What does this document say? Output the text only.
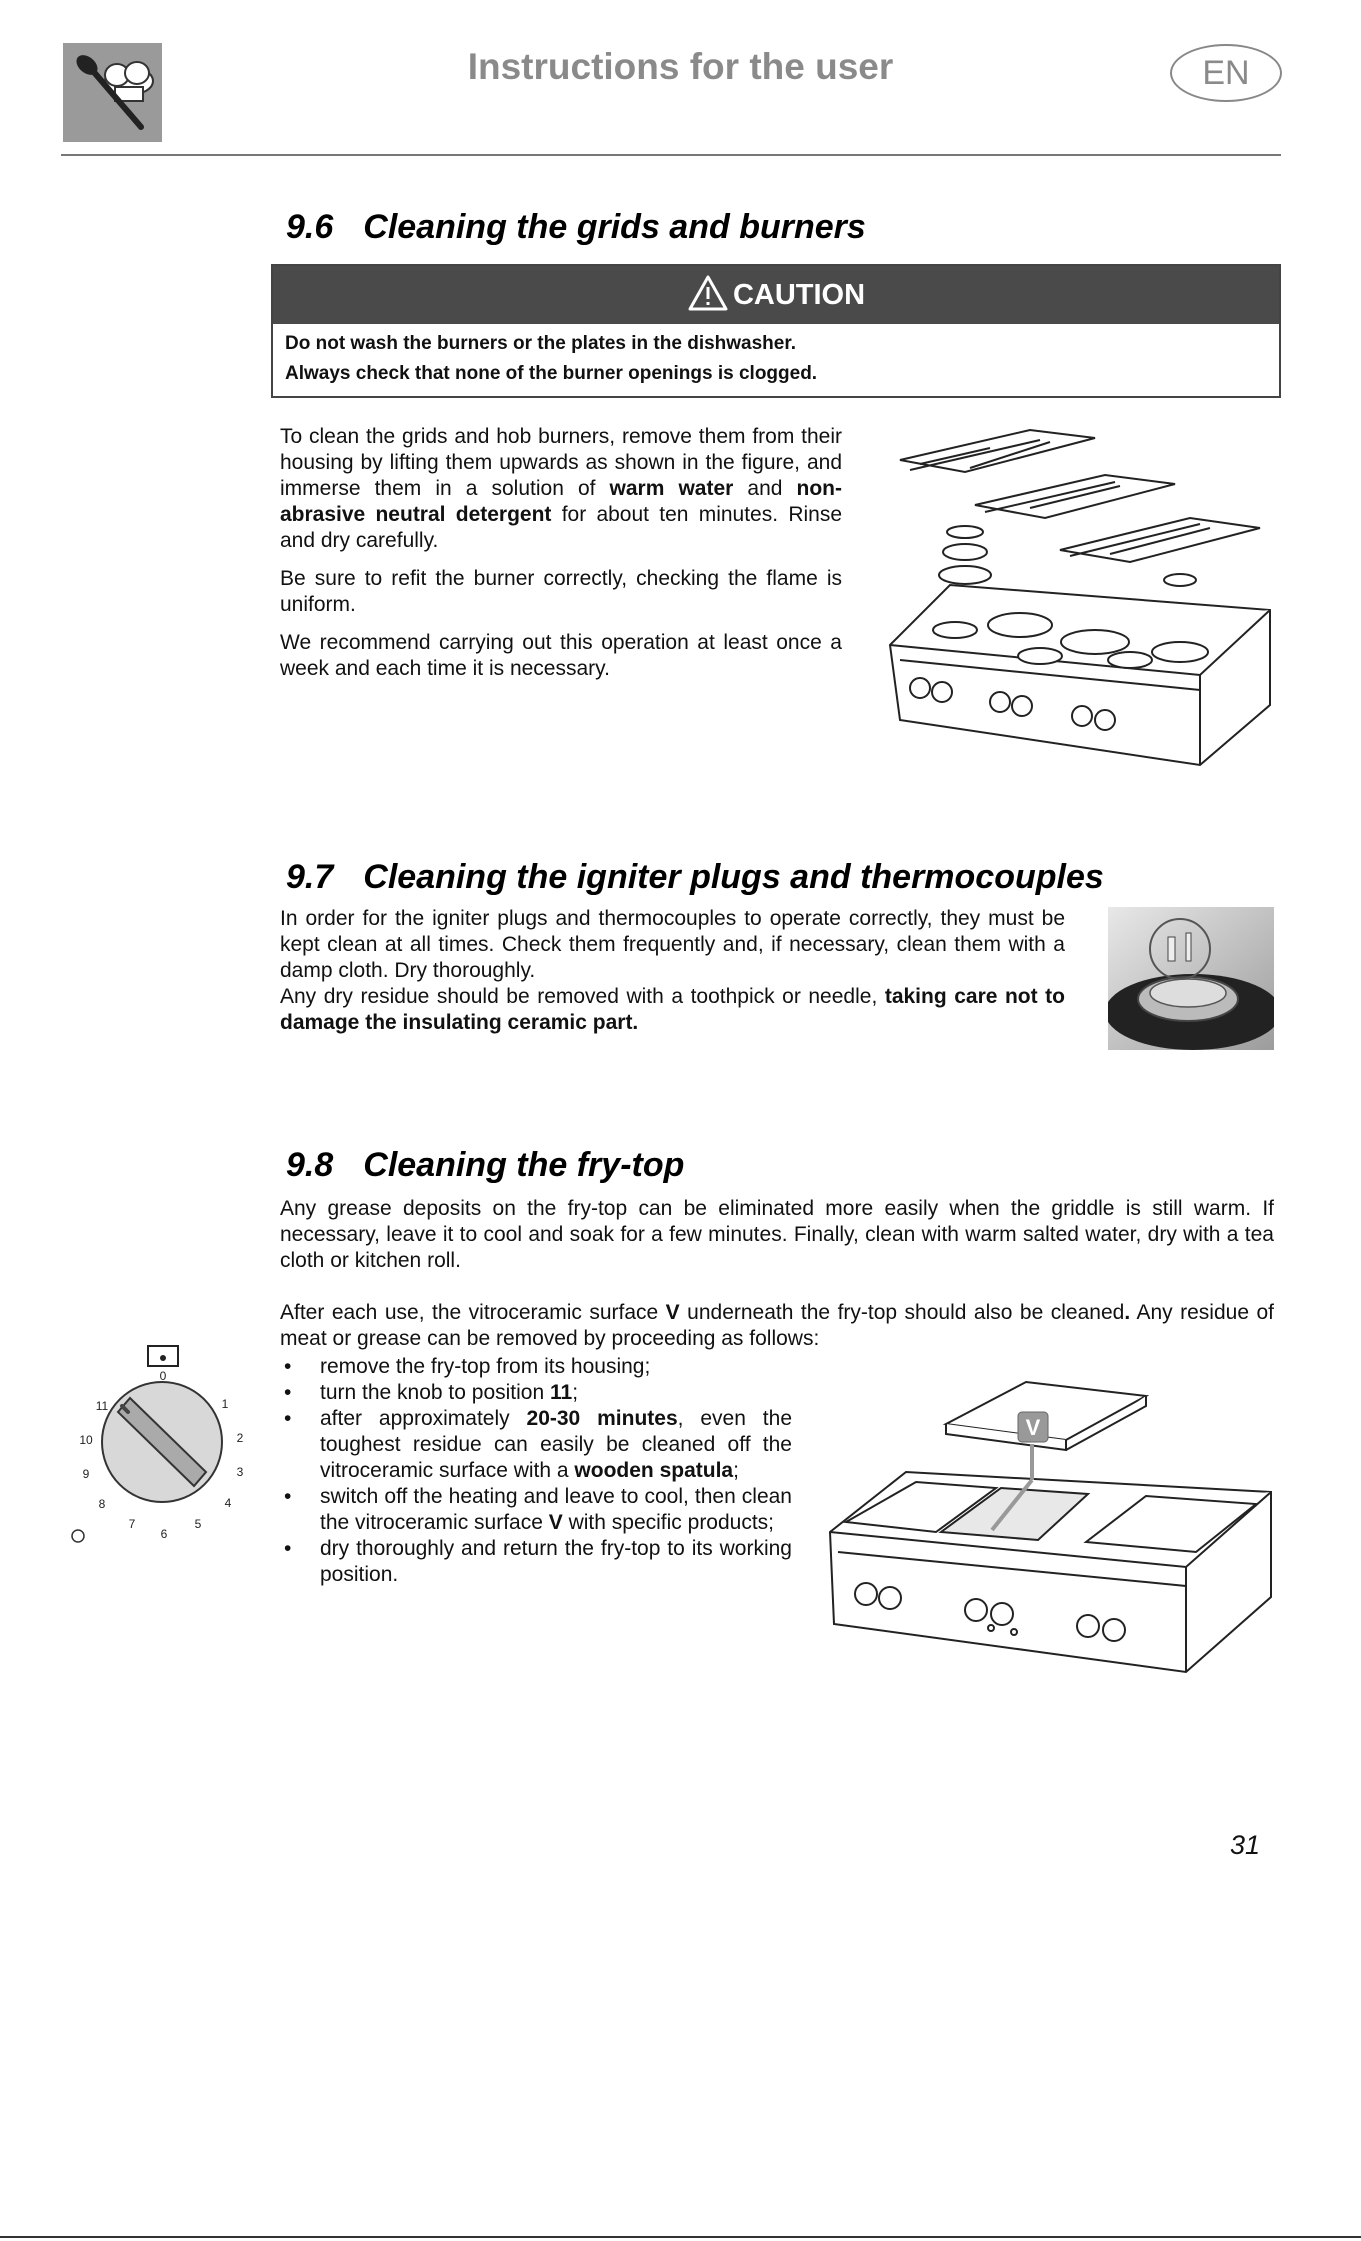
Instructions for the user	EN
9.6 Cleaning the grids and burners
CAUTION
Do not wash the burners or the plates in the dishwasher.
Always check that none of the burner openings is clogged.

To clean the grids and hob burners, remove them from their housing by lifting them upwards as shown in the figure, and immerse them in a solution of warm water and non-abrasive neutral detergent for about ten minutes. Rinse and dry carefully.

Be sure to refit the burner correctly, checking the flame is uniform.

We recommend carrying out this operation at least once a week and each time it is necessary.

9.7 Cleaning the igniter plugs and thermocouples
In order for the igniter plugs and thermocouples to operate correctly, they must be kept clean at all times. Check them frequently and, if necessary, clean them with a damp cloth. Dry thoroughly.
Any dry residue should be removed with a toothpick or needle, taking care not to damage the insulating ceramic part.
9.8 Cleaning the fry-top

Any grease deposits on the fry-top can be eliminated more easily when the griddle is still warm. If necessary, leave it to cool and soak for a few minutes. Finally, clean with warm salted water, dry with a tea cloth or kitchen roll.

After each use, the vitroceramic surface V underneath the fry-top should also be cleaned. Any residue of meat or grease can be removed by proceeding as follows:

• remove the fry-top from its housing;
• turn the knob to position 11;
• after approximately 20-30 minutes, even the toughest residue can easily be cleaned off the vitroceramic surface with a wooden spatula;
• switch off the heating and leave to cool, then clean the vitroceramic surface V with specific products;
• dry thoroughly and return the fry-top to its working position.
0
1
2
3
4
5
6
7
8
9
10
11
V
31
